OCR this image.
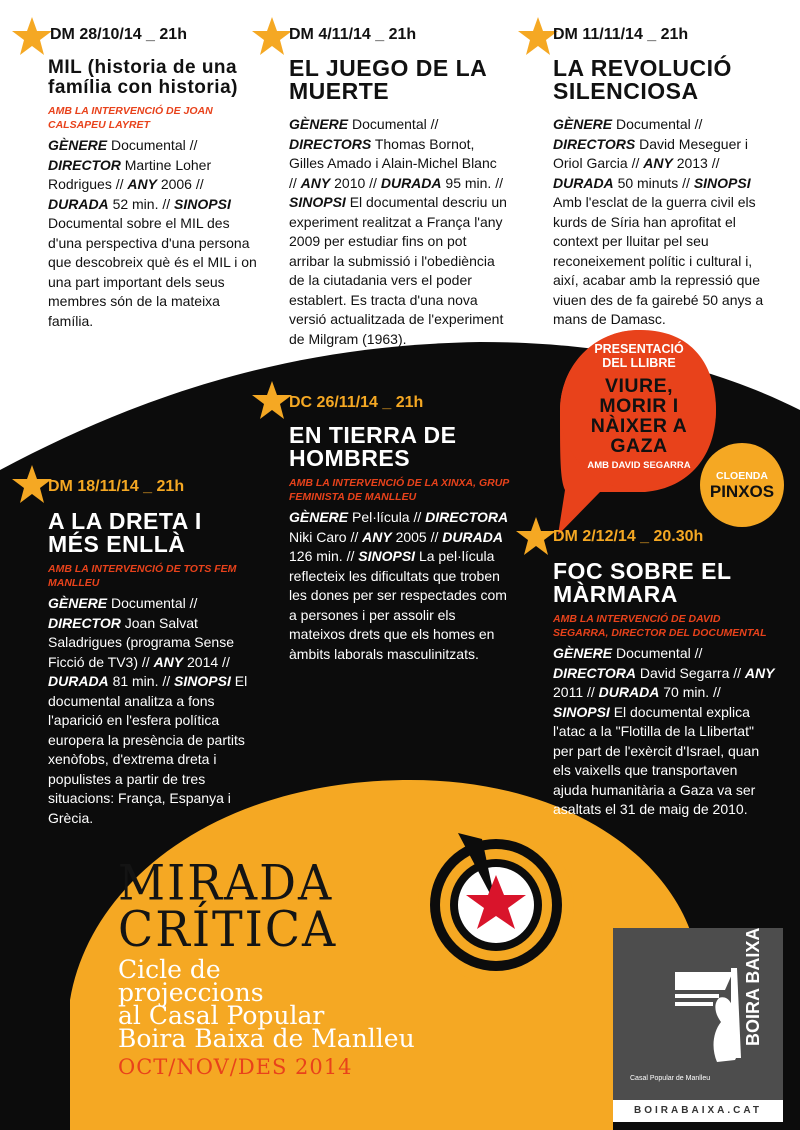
DM 28/10/14 _ 21h
MIL (historia de una
família con historia)
AMB LA INTERVENCIÓ DE JOAN CALSAPEU LAYRET
GÈNERE Documental // DIRECTOR Martine Loher Rodrigues // ANY 2006 // DURADA 52 min. // SINOPSI Documental sobre el MIL des d'una perspectiva d'una persona que descobreix què és el MIL i on una part important dels seus membres són de la mateixa família.
DM 4/11/14 _ 21h
EL JUEGO DE LA
MUERTE
GÈNERE Documental // DIRECTORS Thomas Bornot, Gilles Amado i Alain-Michel Blanc // ANY 2010 // DURADA 95 min. // SINOPSI El documental descriu un experiment realitzat a França l'any 2009 per estudiar fins on pot arribar la submissió i l'obediència de la ciutadania vers el poder establert. Es tracta d'una nova versió actualitzada de l'experiment de Milgram (1963).
DM 11/11/14 _ 21h
LA REVOLUCIÓ
SILENCIOSA
GÈNERE Documental // DIRECTORS David Meseguer i Oriol Garcia // ANY 2013 // DURADA 50 minuts // SINOPSI Amb l'esclat de la guerra civil els kurds de Síria han aprofitat el context per lluitar pel seu reconeixement polític i cultural i, així, acabar amb la repressió que viuen des de fa gairebé 50 anys a mans de Damasc.
PRESENTACIÓ
DEL LLIBRE
VIURE,
MORIR I
NÀIXER A
GAZA
AMB DAVID SEGARRA
CLOENDA
PINXOS
DC 26/11/14 _ 21h
EN TIERRA DE
HOMBRES
AMB LA INTERVENCIÓ DE LA XINXA, GRUP FEMINISTA DE MANLLEU
GÈNERE Pel·lícula // DIRECTORA Niki Caro // ANY 2005 // DURADA 126 min. // SINOPSI La pel·lícula reflecteix les dificultats que troben les dones per ser respectades com a persones i per assolir els mateixos drets que els homes en àmbits laborals masculinitzats.
DM 18/11/14 _ 21h
A LA DRETA I
MÉS ENLLÀ
AMB LA INTERVENCIÓ DE TOTS FEM MANLLEU
GÈNERE Documental // DIRECTOR Joan Salvat Saladrigues (programa Sense Ficció de TV3) // ANY 2014 // DURADA 81 min. // SINOPSI El documental analitza a fons l'aparició en l'esfera política europera la presència de partits xenòfobs, d'extrema dreta i populistes a partir de tres situacions: França, Espanya i Grècia.
DM 2/12/14 _ 20.30h
FOC SOBRE EL
MÀRMARA
AMB LA INTERVENCIÓ DE DAVID SEGARRA, DIRECTOR DEL DOCUMENTAL
GÈNERE Documental // DIRECTORA David Segarra // ANY 2011 // DURADA 70 min. // SINOPSI El documental explica l'atac a la "Flotilla de la Llibertat" per part de l'exèrcit d'Israel, quan els vaixells que transportaven ajuda humanitària a Gaza va ser asaltats el 31 de maig de 2010.
MIRADA
CRÍTICA
Cicle de
projeccions
al Casal Popular
Boira Baixa de Manlleu
OCT/NOV/DES 2014
BOIRA BAIXA
Casal Popular de Manlleu
BOIRABAIXA.CAT
